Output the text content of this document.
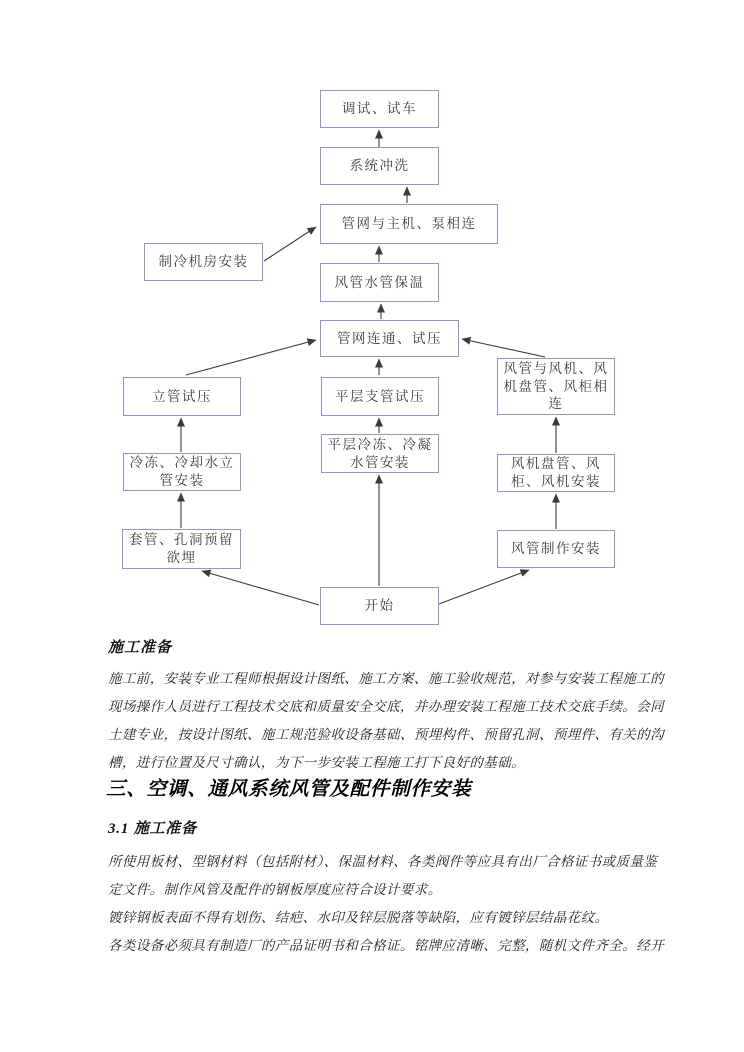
调试、试车
系统冲洗
管网与主机、泵相连
制冷机房安装
风管水管保温
管网连通、试压
立管试压	平层支管试压
风管与风机、风机盘管、风柜相连
平层冷冻、冷凝水管安装
冷冻、冷却水立管安装
风机盘管、风柜、风机安装
套管、孔洞预留欲埋
风管制作安装
开始
施工准备
施工前，安装专业工程师根据设计图纸、施工方案、施工验收规范，对参与安装工程施工的
现场操作人员进行工程技术交底和质量安全交底，并办理安装工程施工技术交底手续。会同
土建专业，按设计图纸、施工规范验收设备基础、预埋构件、预留孔洞、预埋件、有关的沟
槽，进行位置及尺寸确认，为下一步安装工程施工打下良好的基础。
三、空调、通风系统风管及配件制作安装
3.1 施工准备
所使用板材、型钢材料（包括附材）、保温材料、各类阀件等应具有出厂合格证书或质量鉴
定文件。制作风管及配件的钢板厚度应符合设计要求。
镀锌钢板表面不得有划伤、结疤、水印及锌层脱落等缺陷，应有镀锌层结晶花纹。
各类设备必须具有制造厂的产品证明书和合格证。铭牌应清晰、完整，随机文件齐全。经开
